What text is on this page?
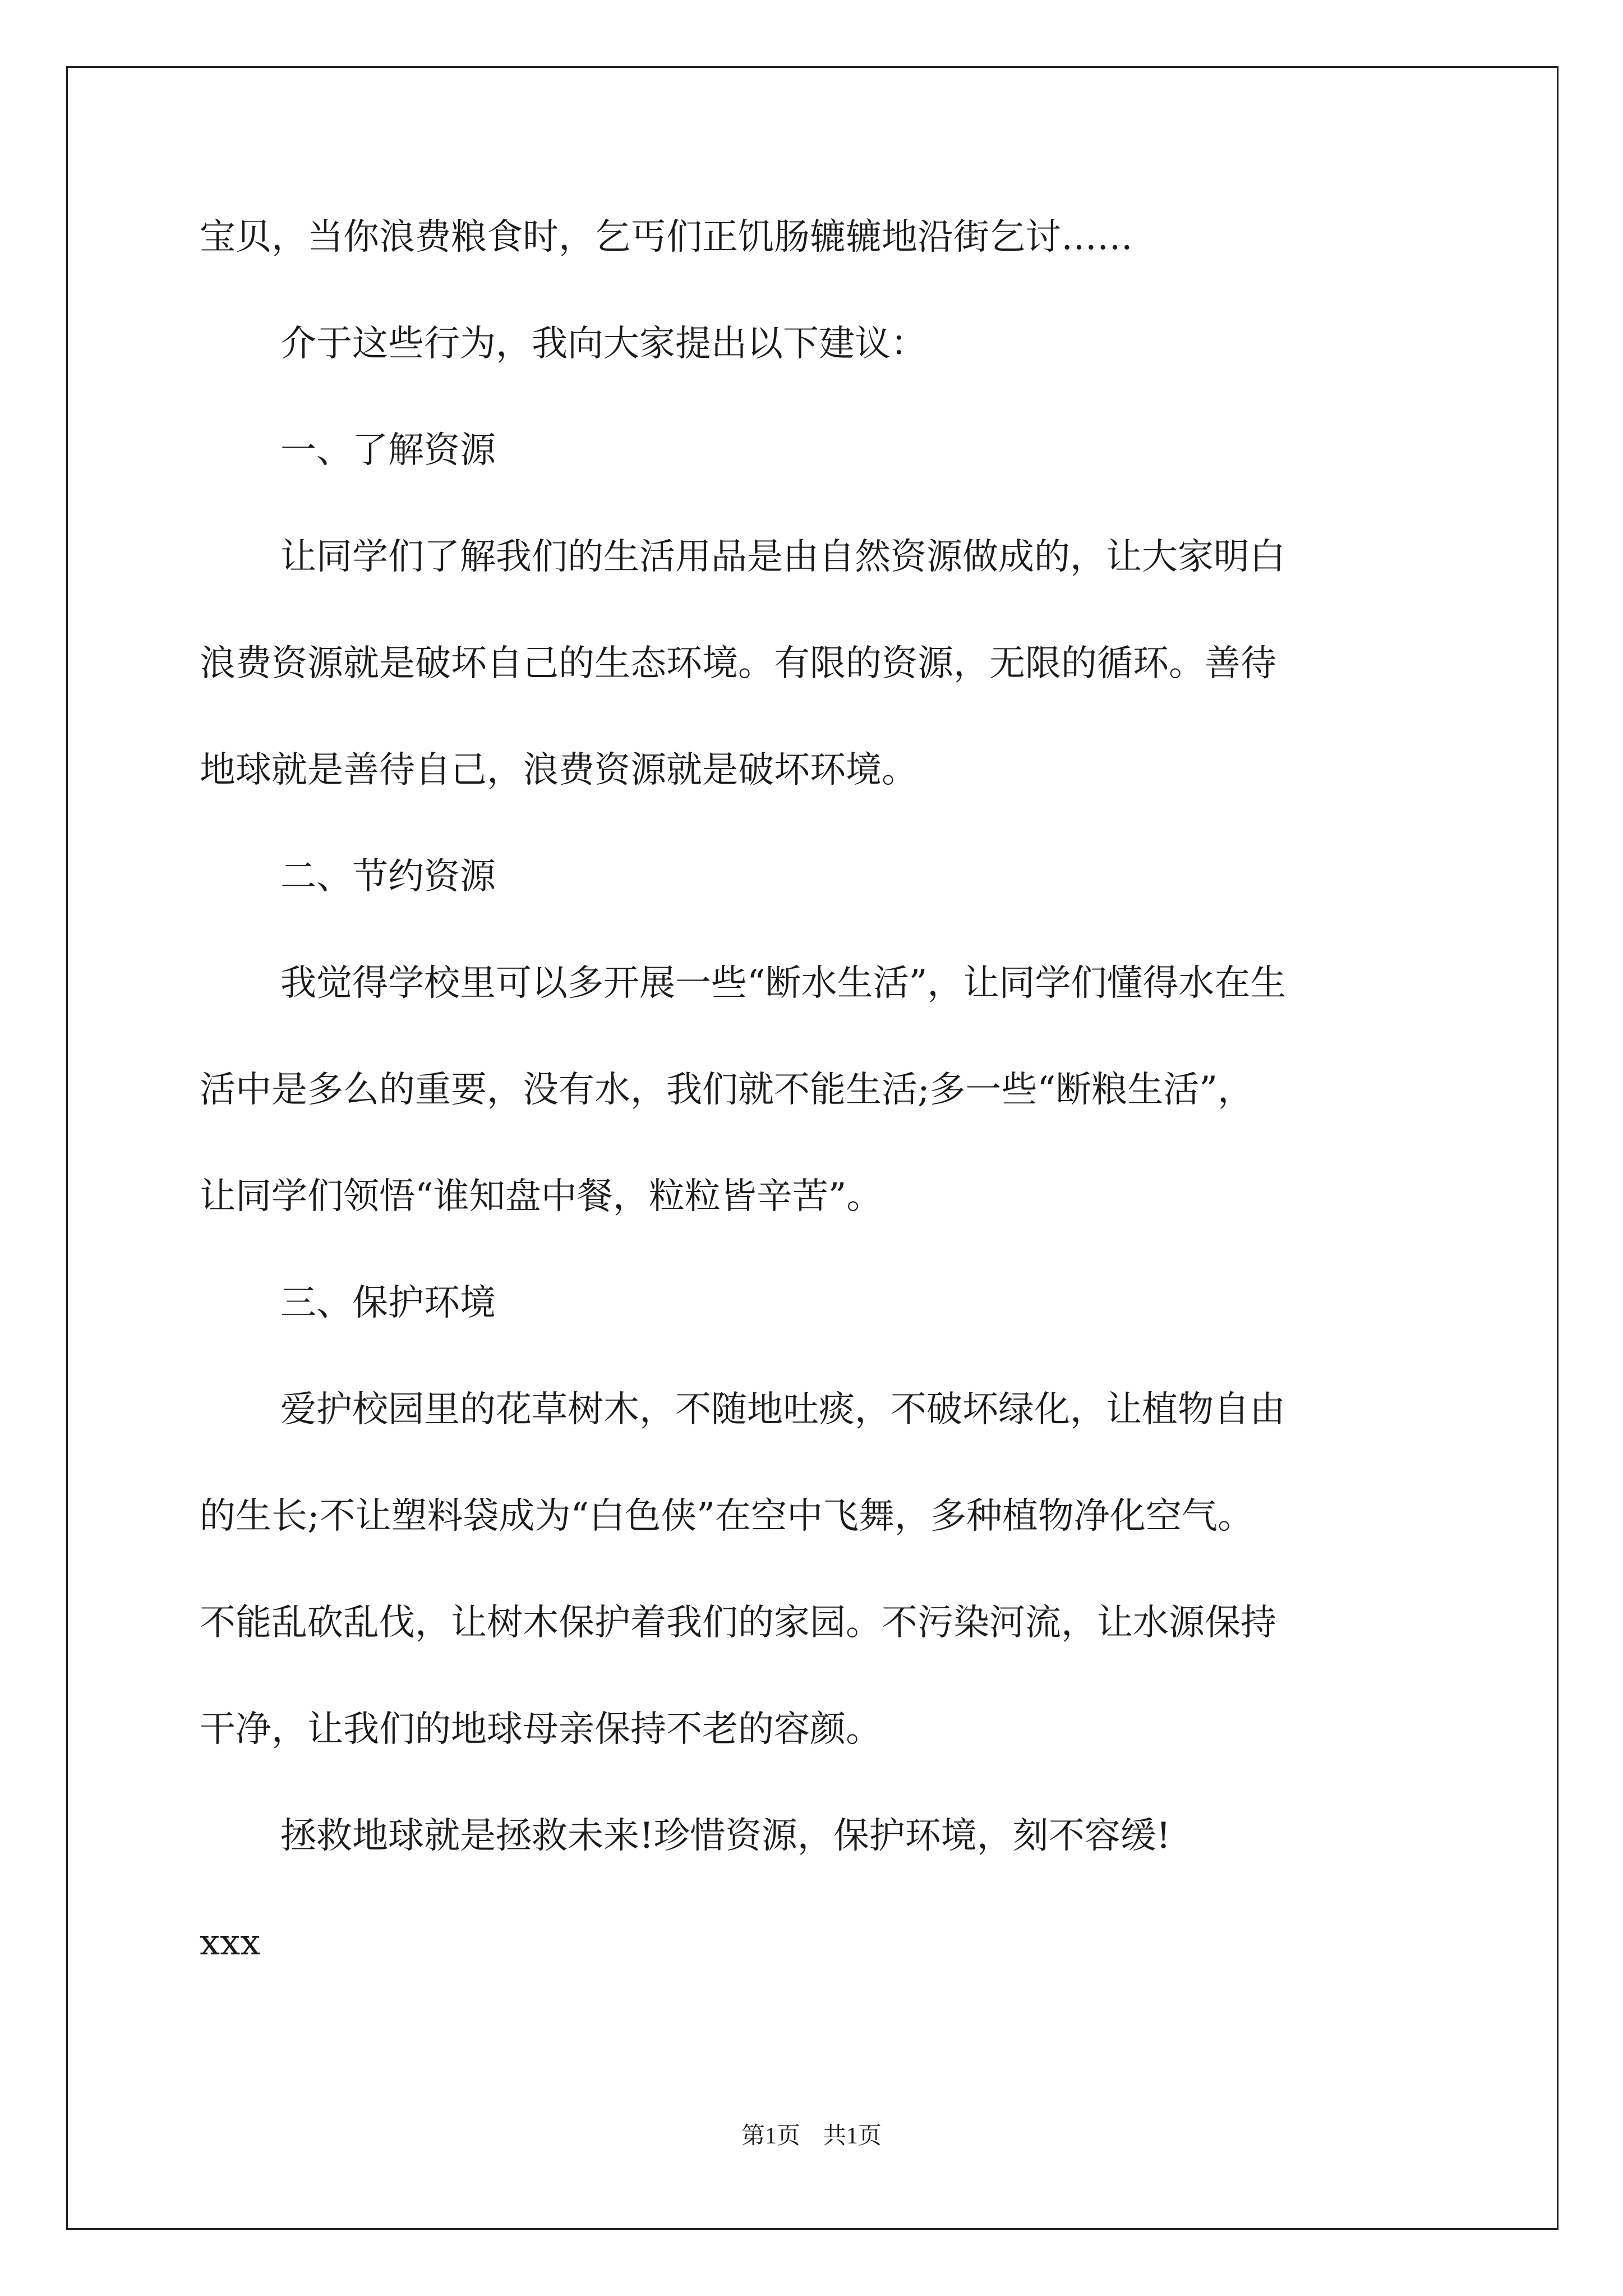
宝贝，当你浪费粮食时，乞丐们正饥肠辘辘地沿街乞讨……
介于这些行为，我向大家提出以下建议：
一、了解资源
让同学们了解我们的生活用品是由自然资源做成的，让大家明白
浪费资源就是破坏自己的生态环境。有限的资源，无限的循环。善待
地球就是善待自己，浪费资源就是破坏环境。
二、节约资源
我觉得学校里可以多开展一些“断水生活”，让同学们懂得水在生
活中是多么的重要，没有水，我们就不能生活;多一些“断粮生活”，
让同学们领悟“谁知盘中餐，粒粒皆辛苦”。
三、保护环境
爱护校园里的花草树木，不随地吐痰，不破坏绿化，让植物自由
的生长;不让塑料袋成为“白色侠”在空中飞舞，多种植物净化空气。
不能乱砍乱伐，让树木保护着我们的家园。不污染河流，让水源保持
干净，让我们的地球母亲保持不老的容颜。
拯救地球就是拯救未来!珍惜资源，保护环境，刻不容缓!
xxx
第1页 共1页
